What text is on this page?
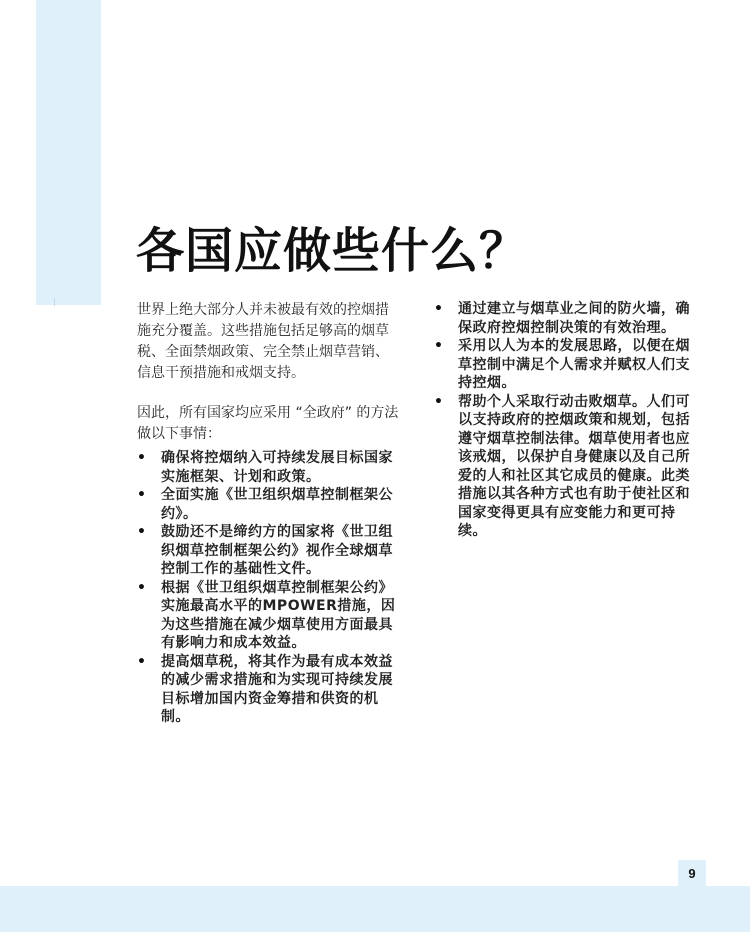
各国应做些什么？

世界上绝大部分人并未被最有效的控烟措施充分覆盖。这些措施包括足够高的烟草税、全面禁烟政策、完全禁止烟草营销、信息干预措施和戒烟支持。

因此，所有国家均应采用 “全政府” 的方法做以下事情：

• 确保将控烟纳入可持续发展目标国家实施框架、计划和政策。
• 全面实施《世卫组织烟草控制框架公约》。
• 鼓励还不是缔约方的国家将《世卫组织烟草控制框架公约》视作全球烟草控制工作的基础性文件。
• 根据《世卫组织烟草控制框架公约》实施最高水平的MPOWER措施，因为这些措施在减少烟草使用方面最具有影响力和成本效益。
• 提高烟草税，将其作为最有成本效益的减少需求措施和为实现可持续发展目标增加国内资金筹措和供资的机制。
• 通过建立与烟草业之间的防火墙，确保政府控烟控制决策的有效治理。
• 采用以人为本的发展思路，以便在烟草控制中满足个人需求并赋权人们支持控烟。
• 帮助个人采取行动击败烟草。人们可以支持政府的控烟政策和规划，包括遵守烟草控制法律。烟草使用者也应该戒烟，以保护自身健康以及自己所爱的人和社区其它成员的健康。此类措施以其各种方式也有助于使社区和国家变得更具有应变能力和更可持续。
9
